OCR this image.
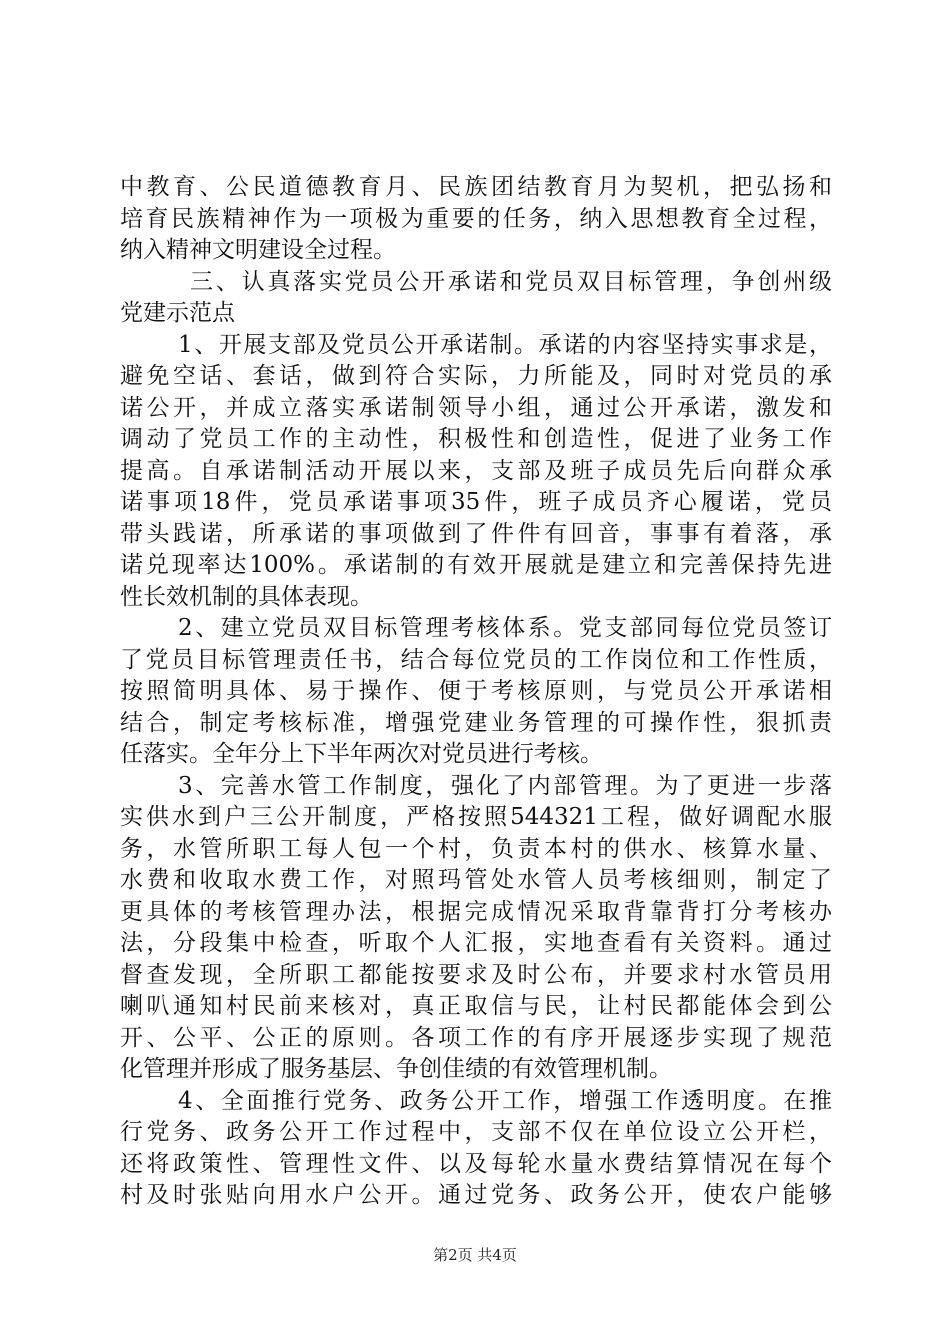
中教育、公民道德教育月、民族团结教育月为契机，把弘扬和
培育民族精神作为一项极为重要的任务，纳入思想教育全过程，
纳入精神文明建设全过程。
三、认真落实党员公开承诺和党员双目标管理，争创州级
党建示范点
1、开展支部及党员公开承诺制。承诺的内容坚持实事求是，
避免空话、套话，做到符合实际，力所能及，同时对党员的承
诺公开，并成立落实承诺制领导小组，通过公开承诺，激发和
调动了党员工作的主动性，积极性和创造性，促进了业务工作
提高。自承诺制活动开展以来，支部及班子成员先后向群众承
诺事项18件，党员承诺事项35件，班子成员齐心履诺，党员
带头践诺，所承诺的事项做到了件件有回音，事事有着落，承
诺兑现率达100%。承诺制的有效开展就是建立和完善保持先进
性长效机制的具体表现。
2、建立党员双目标管理考核体系。党支部同每位党员签订
了党员目标管理责任书，结合每位党员的工作岗位和工作性质，
按照简明具体、易于操作、便于考核原则，与党员公开承诺相
结合，制定考核标准，增强党建业务管理的可操作性，狠抓责
任落实。全年分上下半年两次对党员进行考核。
3、完善水管工作制度，强化了内部管理。为了更进一步落
实供水到户三公开制度，严格按照544321工程，做好调配水服
务，水管所职工每人包一个村，负责本村的供水、核算水量、
水费和收取水费工作，对照玛管处水管人员考核细则，制定了
更具体的考核管理办法，根据完成情况采取背靠背打分考核办
法，分段集中检查，听取个人汇报，实地查看有关资料。通过
督查发现，全所职工都能按要求及时公布，并要求村水管员用
喇叭通知村民前来核对，真正取信与民，让村民都能体会到公
开、公平、公正的原则。各项工作的有序开展逐步实现了规范
化管理并形成了服务基层、争创佳绩的有效管理机制。
4、全面推行党务、政务公开工作，增强工作透明度。在推
行党务、政务公开工作过程中，支部不仅在单位设立公开栏，
还将政策性、管理性文件、以及每轮水量水费结算情况在每个
村及时张贴向用水户公开。通过党务、政务公开，使农户能够
第2页 共4页
